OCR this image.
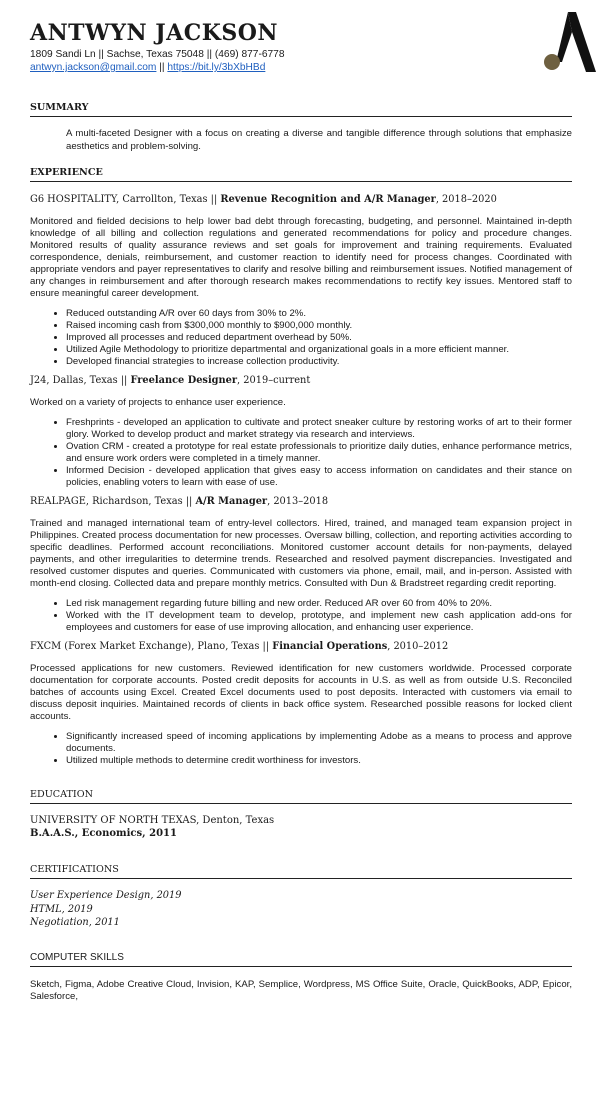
ANTWYN JACKSON
1809 Sandi Ln || Sachse, Texas 75048 || (469) 877-6778
antwyn.jackson@gmail.com || https://bit.ly/3bXbHBd
SUMMARY
A multi-faceted Designer with a focus on creating a diverse and tangible difference through solutions that emphasize aesthetics and problem-solving.
EXPERIENCE
G6 HOSPITALITY, Carrollton, Texas || Revenue Recognition and A/R Manager, 2018–2020
Monitored and fielded decisions to help lower bad debt through forecasting, budgeting, and personnel. Maintained in-depth knowledge of all billing and collection regulations and generated recommendations for policy and procedure changes. Monitored results of quality assurance reviews and set goals for improvement and training requirements. Evaluated correspondence, denials, reimbursement, and customer reaction to identify need for process changes. Coordinated with appropriate vendors and payer representatives to clarify and resolve billing and reimbursement issues. Notified management of any changes in reimbursement and after thorough research makes recommendations to rectify key issues. Mentored staff to ensure meaningful career development.
• Reduced outstanding A/R over 60 days from 30% to 2%.
• Raised incoming cash from $300,000 monthly to $900,000 monthly.
• Improved all processes and reduced department overhead by 50%.
• Utilized Agile Methodology to prioritize departmental and organizational goals in a more efficient manner.
• Developed financial strategies to increase collection productivity.
J24, Dallas, Texas || Freelance Designer, 2019–current
Worked on a variety of projects to enhance user experience.
• Freshprints - developed an application to cultivate and protect sneaker culture by restoring works of art to their former glory. Worked to develop product and market strategy via research and interviews.
• Ovation CRM - created a prototype for real estate professionals to prioritize daily duties, enhance performance metrics, and ensure work orders were completed in a timely manner.
• Informed Decision - developed application that gives easy to access information on candidates and their stance on policies, enabling voters to learn with ease of use.
REALPAGE, Richardson, Texas || A/R Manager, 2013–2018
Trained and managed international team of entry-level collectors. Hired, trained, and managed team expansion project in Philippines. Created process documentation for new processes. Oversaw billing, collection, and reporting activities according to specific deadlines. Performed account reconciliations. Monitored customer account details for non-payments, delayed payments, and other irregularities to determine trends. Researched and resolved payment discrepancies. Investigated and resolved customer disputes and queries. Communicated with customers via phone, email, mail, and in-person. Assisted with month-end closing. Collected data and prepare monthly metrics. Consulted with Dun & Bradstreet regarding credit reporting.
• Led risk management regarding future billing and new order. Reduced AR over 60 from 40% to 20%.
• Worked with the IT development team to develop, prototype, and implement new cash application add-ons for employees and customers for ease of use improving allocation, and enhancing user experience.
FXCM (Forex Market Exchange), Plano, Texas || Financial Operations, 2010–2012
Processed applications for new customers. Reviewed identification for new customers worldwide. Processed corporate documentation for corporate accounts. Posted credit deposits for accounts in U.S. as well as from outside U.S. Reconciled batches of accounts using Excel. Created Excel documents used to post deposits. Interacted with customers via email to discuss deposit inquiries. Maintained records of clients in back office system. Researched possible reasons for locked client accounts.
• Significantly increased speed of incoming applications by implementing Adobe as a means to process and approve documents.
• Utilized multiple methods to determine credit worthiness for investors.
EDUCATION
UNIVERSITY OF NORTH TEXAS, Denton, Texas
B.A.A.S., Economics, 2011
CERTIFICATIONS
User Experience Design, 2019
HTML, 2019
Negotiation, 2011
COMPUTER SKILLS
Sketch, Figma, Adobe Creative Cloud, Invision, KAP, Semplice, Wordpress, MS Office Suite, Oracle, QuickBooks, ADP, Epicor, Salesforce,
